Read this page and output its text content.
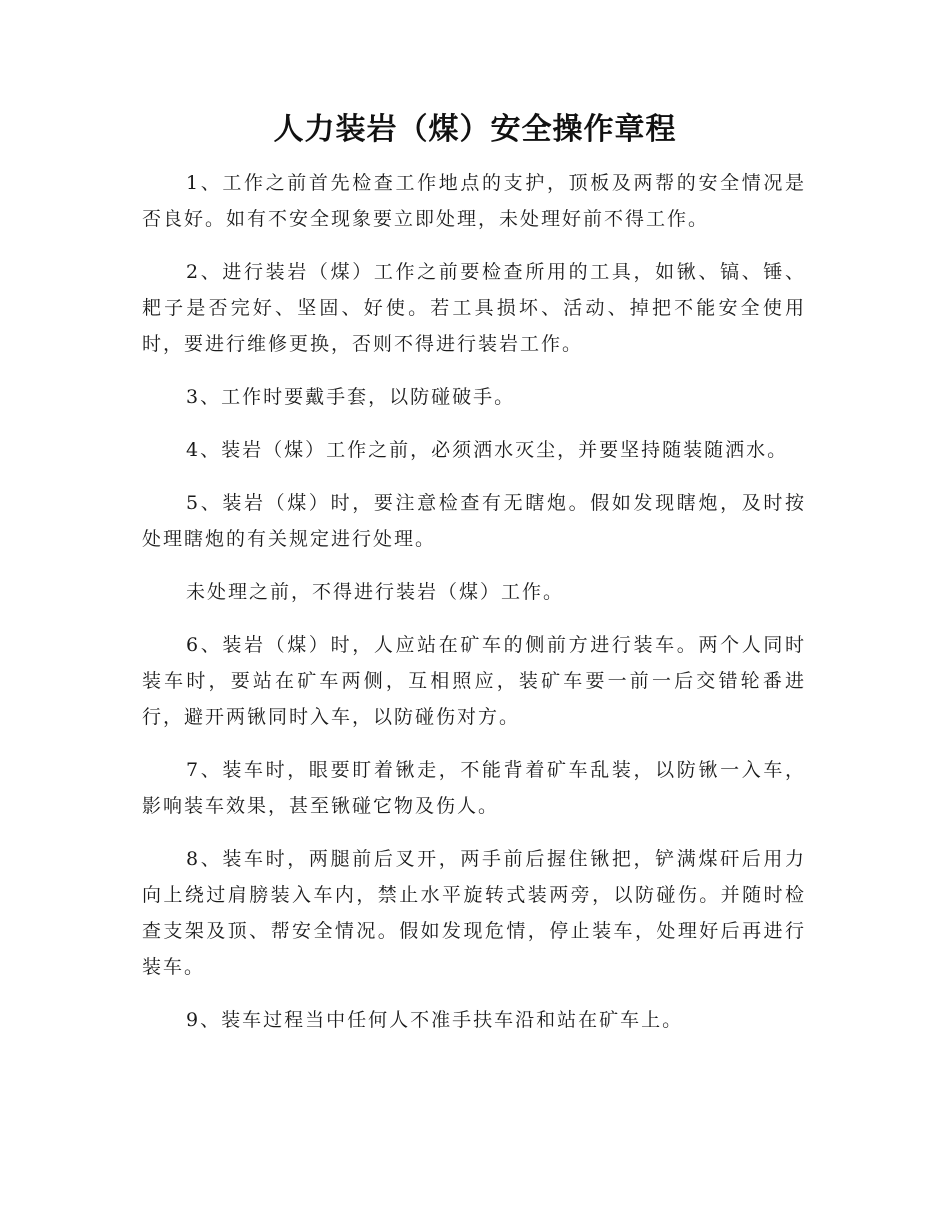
人力装岩（煤）安全操作章程

1、工作之前首先检查工作地点的支护，顶板及两帮的安全情况是否良好。如有不安全现象要立即处理，未处理好前不得工作。

2、进行装岩（煤）工作之前要检查所用的工具，如锹、镐、锤、耙子是否完好、坚固、好使。若工具损坏、活动、掉把不能安全使用时，要进行维修更换，否则不得进行装岩工作。

3、工作时要戴手套，以防碰破手。

4、装岩（煤）工作之前，必须洒水灭尘，并要坚持随装随洒水。

5、装岩（煤）时，要注意检查有无瞎炮。假如发现瞎炮，及时按处理瞎炮的有关规定进行处理。

未处理之前，不得进行装岩（煤）工作。

6、装岩（煤）时，人应站在矿车的侧前方进行装车。两个人同时装车时，要站在矿车两侧，互相照应，装矿车要一前一后交错轮番进行，避开两锹同时入车，以防碰伤对方。

7、装车时，眼要盯着锹走，不能背着矿车乱装，以防锹一入车，影响装车效果，甚至锹碰它物及伤人。

8、装车时，两腿前后叉开，两手前后握住锹把，铲满煤矸后用力向上绕过肩膀装入车内，禁止水平旋转式装两旁，以防碰伤。并随时检查支架及顶、帮安全情况。假如发现危情，停止装车，处理好后再进行装车。

9、装车过程当中任何人不准手扶车沿和站在矿车上。
